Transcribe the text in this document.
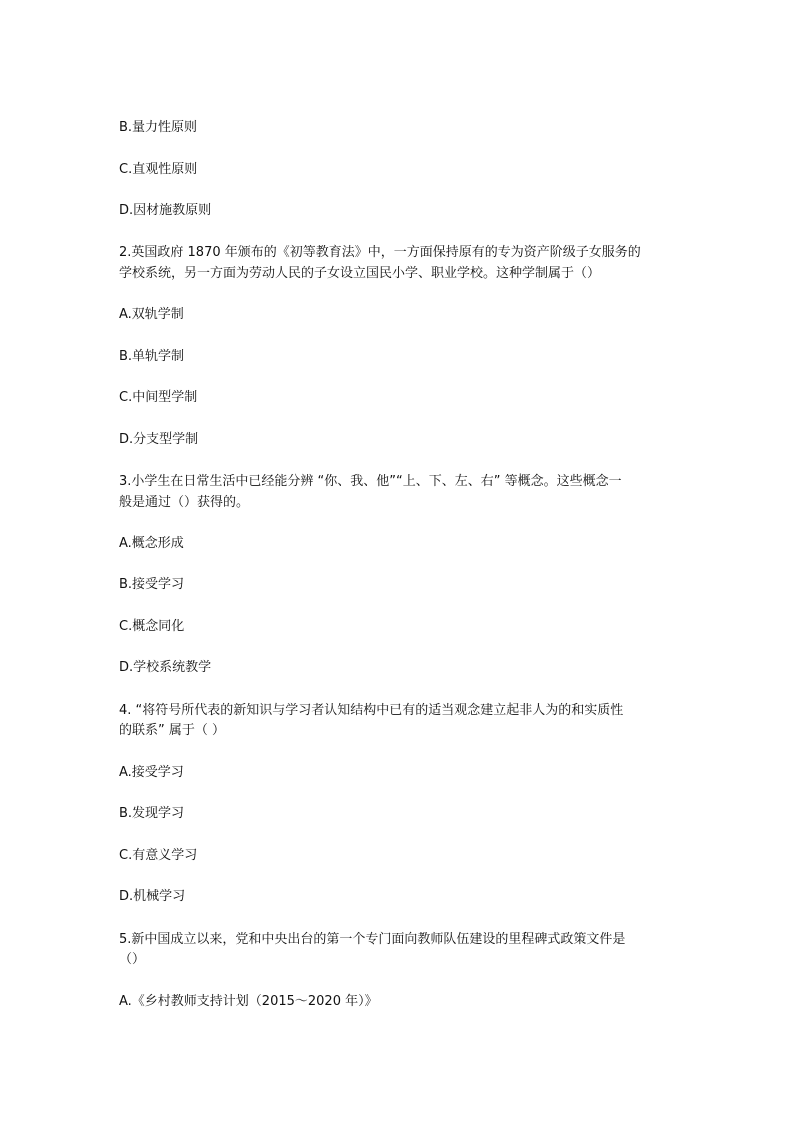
B.量力性原则

C.直观性原则

D.因材施教原则

2.英国政府 1870 年颁布的《初等教育法》中，一方面保持原有的专为资产阶级子女服务的

学校系统，另一方面为劳动人民的子女设立国民小学、职业学校。这种学制属于（）

A.双轨学制

B.单轨学制

C.中间型学制

D.分支型学制

3.小学生在日常生活中已经能分辨 “你、我、他”“上、下、左、右” 等概念。这些概念一

般是通过（）获得的。

A.概念形成

B.接受学习

C.概念同化

D.学校系统教学

4. “将符号所代表的新知识与学习者认知结构中已有的适当观念建立起非人为的和实质性

的联系” 属于（ ）

A.接受学习

B.发现学习

C.有意义学习

D.机械学习

5.新中国成立以来，党和中央出台的第一个专门面向教师队伍建设的里程碑式政策文件是

（）

A.《乡村教师支持计划（2015～2020 年）》
